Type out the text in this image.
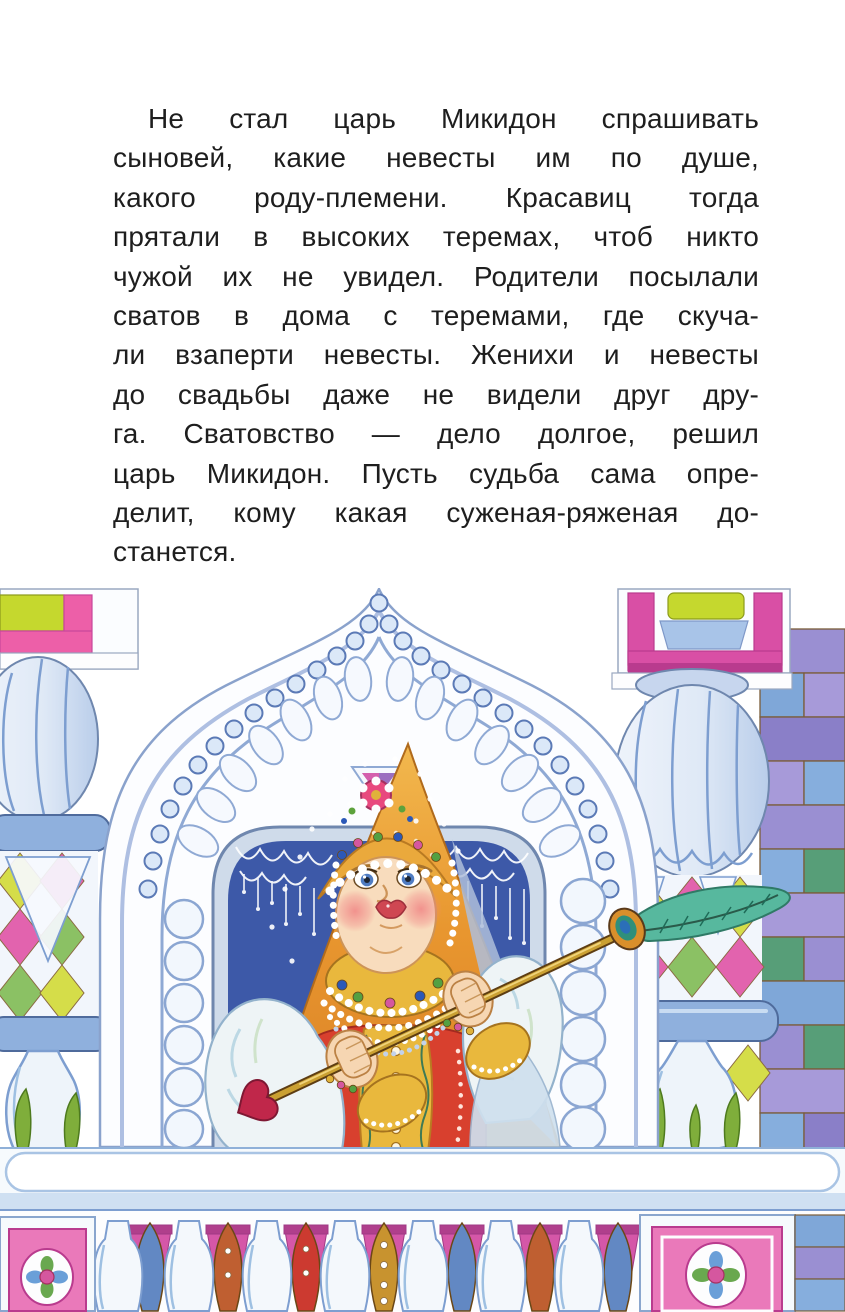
Не стал царь Микидон спрашивать

сыновей, какие невесты им по душе,

какого роду-племени. Красавиц тогда

прятали в высоких теремах, чтоб никто

чужой их не увидел. Родители посылали

сватов в дома с теремами, где скуча-

ли взаперти невесты. Женихи и невесты

до свадьбы даже не видели друг дру-

га. Сватовство — дело долгое, решил

царь Микидон. Пусть судьба сама опре-

делит, кому какая суженая-ряженая до-

станется.
